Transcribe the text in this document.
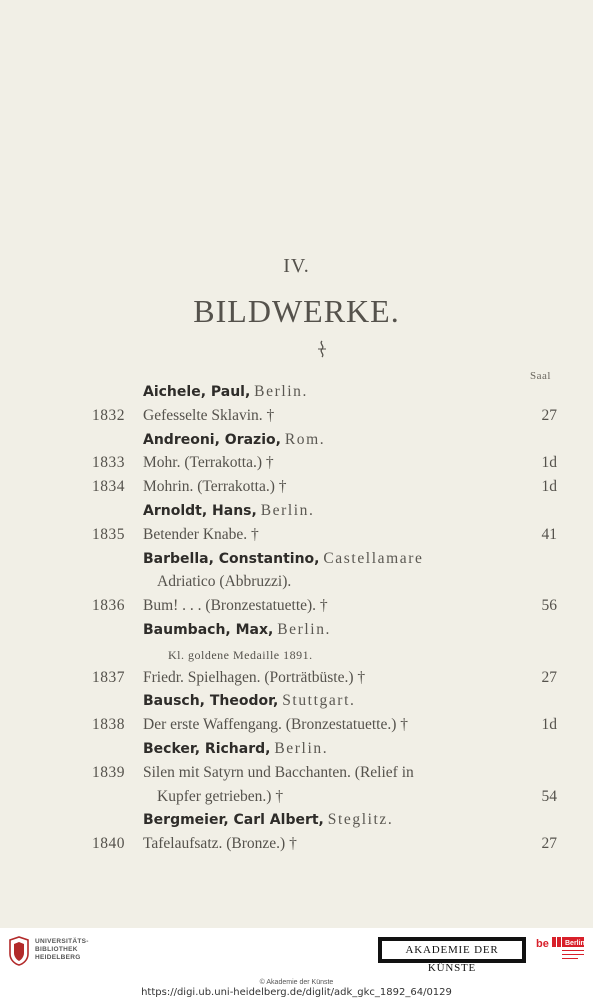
IV.
BILDWERKE.
Saal
Aichele, Paul, Berlin.
1832 Gefesselte Sklavin. †	27
Andreoni, Orazio, Rom.
1833 Mohr. (Terrakotta.) †	1d
1834 Mohrin. (Terrakotta.) †	1d
Arnoldt, Hans, Berlin.
1835 Betender Knabe. †	41
Barbella, Constantino, Castellamare
Adriatico (Abbruzzi).
1836 Bum! . . . (Bronzestatuette). †	56
Baumbach, Max, Berlin.
Kl. goldene Medaille 1891.
1837 Friedr. Spielhagen. (Porträtbüste.) †	27
Bausch, Theodor, Stuttgart.
1838 Der erste Waffengang. (Bronzestatuette.) †	1d
Becker, Richard, Berlin.
1839 Silen mit Satyrn und Bacchanten. (Relief in
Kupfer getrieben.) †	54
Bergmeier, Carl Albert, Steglitz.
1840 Tafelaufsatz. (Bronze.) †	27
UNIVERSITÄTS-
BIBLIOTHEK
HEIDELBERG
AKADEMIE DER KÜNSTE
be Berlin
© Akademie der Künste
https://digi.ub.uni-heidelberg.de/diglit/adk_gkc_1892_64/0129
